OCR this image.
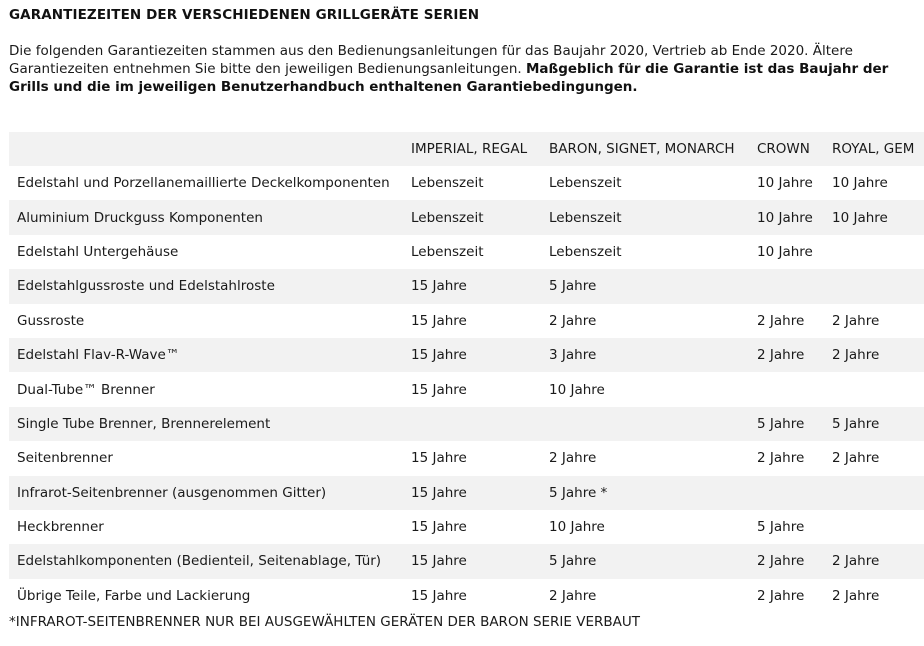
GARANTIEZEITEN DER VERSCHIEDENEN GRILLGERÄTE SERIEN

Die folgenden Garantiezeiten stammen aus den Bedienungsanleitungen für das Baujahr 2020, Vertrieb ab Ende 2020. Ältere Garantiezeiten entnehmen Sie bitte den jeweiligen Bedienungsanleitungen. Maßgeblich für die Garantie ist das Baujahr der Grills und die im jeweiligen Benutzerhandbuch enthaltenen Garantiebedingungen.

	IMPERIAL, REGAL	BARON, SIGNET, MONARCH	CROWN	ROYAL, GEM
Edelstahl und Porzellanemaillierte Deckelkomponenten	Lebenszeit	Lebenszeit	10 Jahre	10 Jahre
Aluminium Druckguss Komponenten	Lebenszeit	Lebenszeit	10 Jahre	10 Jahre
Edelstahl Untergehäuse	Lebenszeit	Lebenszeit	10 Jahre	
Edelstahlgussroste und Edelstahlroste	15 Jahre	5 Jahre		
Gussroste	15 Jahre	2 Jahre	2 Jahre	2 Jahre
Edelstahl Flav-R-Wave™	15 Jahre	3 Jahre	2 Jahre	2 Jahre
Dual-Tube™ Brenner	15 Jahre	10 Jahre		
Single Tube Brenner, Brennerelement			5 Jahre	5 Jahre
Seitenbrenner	15 Jahre	2 Jahre	2 Jahre	2 Jahre
Infrarot-Seitenbrenner (ausgenommen Gitter)	15 Jahre	5 Jahre *		
Heckbrenner	15 Jahre	10 Jahre	5 Jahre	
Edelstahlkomponenten (Bedienteil, Seitenablage, Tür)	15 Jahre	5 Jahre	2 Jahre	2 Jahre
Übrige Teile, Farbe und Lackierung	15 Jahre	2 Jahre	2 Jahre	2 Jahre

*INFRAROT-SEITENBRENNER NUR BEI AUSGEWÄHLTEN GERÄTEN DER BARON SERIE VERBAUT
